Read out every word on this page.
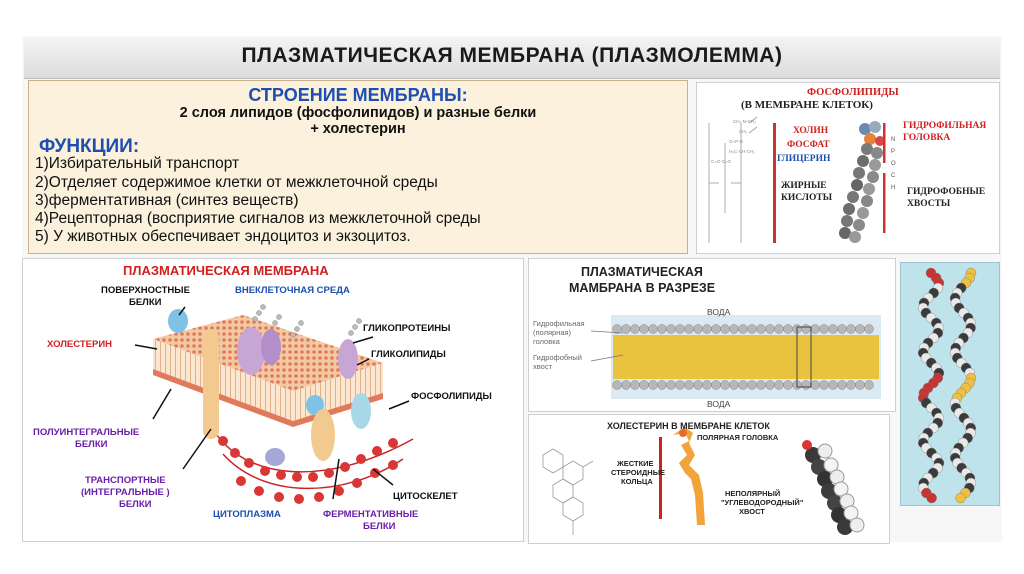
ПЛАЗМАТИЧЕСКАЯ МЕМБРАНА (ПЛАЗМОЛЕММА)
СТРОЕНИЕ МЕМБРАНЫ:
2 слоя липидов (фосфолипидов) и разные белки
+ холестерин
ФУНКЦИИ:
1)Избирательный транспорт
2)Отделяет содержимое клетки от межклеточной среды
3)ферментативная (синтез веществ)
4)Рецепторная (восприятие сигналов из межклеточной среды
5) У животных обеспечивает эндоцитоз и экзоцитоз.
CH₂-N-CH₃
CH₂
O=P-O
H₂C-CH-CH₂
C=O C=O
N
P
O
C
H
ФОСФОЛИПИДЫ
(В МЕМБРАНЕ КЛЕТОК)
ХОЛИН
ФОСФАТ
ГЛИЦЕРИН
ЖИРНЫЕ
КИСЛОТЫ
ГИДРОФИЛЬНАЯ
ГОЛОВКА
ГИДРОФОБНЫЕ
ХВОСТЫ
ПЛАЗМАТИЧЕСКАЯ МЕМБРАНА
ПОВЕРХНОСТНЫЕ
БЕЛКИ
ВНЕКЛЕТОЧНАЯ СРЕДА
ГЛИКОПРОТЕИНЫ
ГЛИКОЛИПИДЫ
ХОЛЕСТЕРИН
ФОСФОЛИПИДЫ
ПОЛУИНТЕГРАЛЬНЫЕ
БЕЛКИ
ТРАНСПОРТНЫЕ
(ИНТЕГРАЛЬНЫЕ )
БЕЛКИ
ЦИТОСКЕЛЕТ
ЦИТОПЛАЗМА	ФЕРМЕНТАТИВНЫЕ
БЕЛКИ
ПЛАЗМАТИЧЕСКАЯ
МАМБРАНА В РАЗРЕЗЕ
ВОДА
ВОДА
Гидрофильная
(полярная)
головка
Гидрофобный
хвост
ХОЛЕСТЕРИН В МЕМБРАНЕ КЛЕТОК
ПОЛЯРНАЯ ГОЛОВКА
ЖЕСТКИЕ
СТЕРОИДНЫЕ
КОЛЬЦА
НЕПОЛЯРНЫЙ
"УГЛЕВОДОРОДНЫЙ"
ХВОСТ
